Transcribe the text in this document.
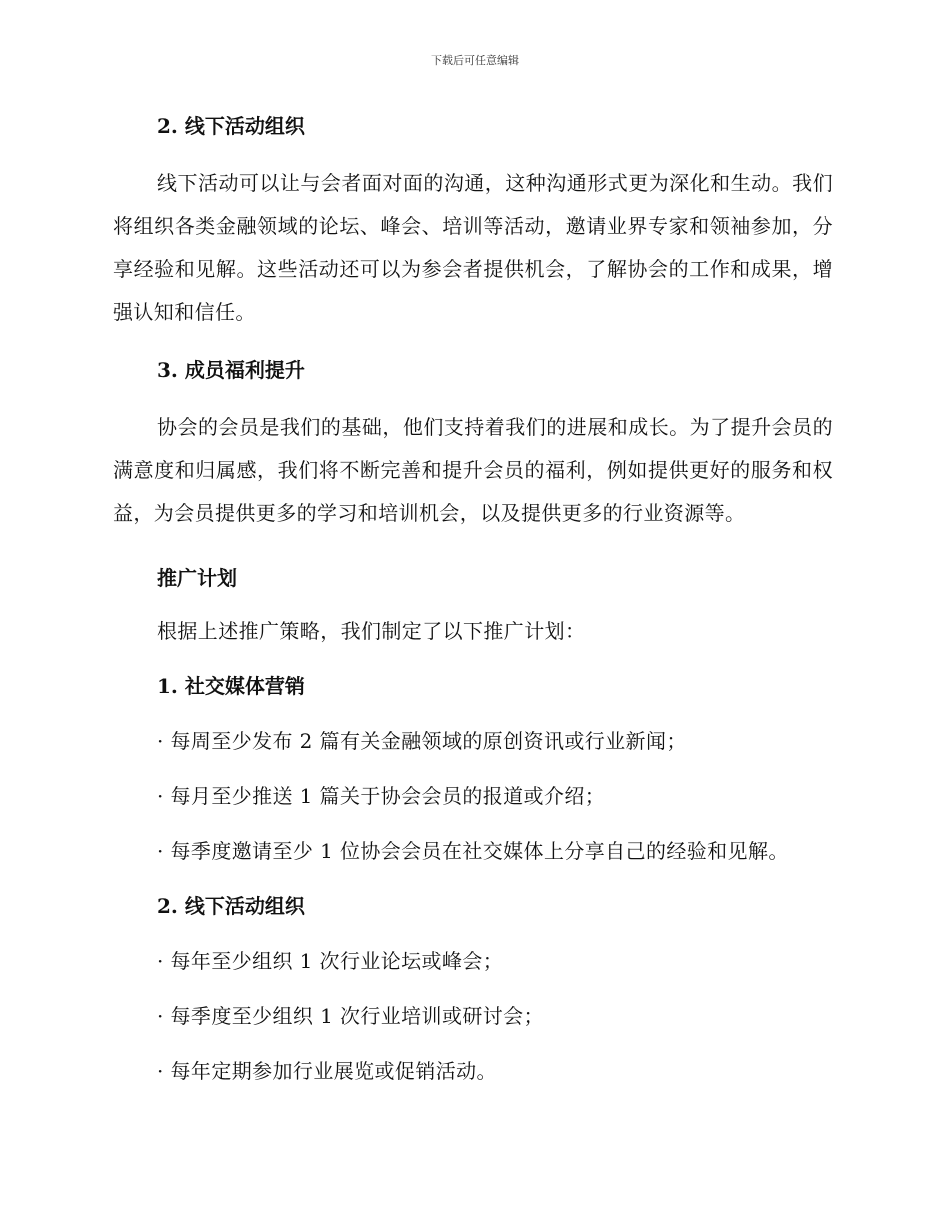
下载后可任意编辑

2. 线下活动组织

线下活动可以让与会者面对面的沟通，这种沟通形式更为深化和生动。我们将组织各类金融领域的论坛、峰会、培训等活动，邀请业界专家和领袖参加，分享经验和见解。这些活动还可以为参会者提供机会，了解协会的工作和成果，增强认知和信任。

3. 成员福利提升

协会的会员是我们的基础，他们支持着我们的进展和成长。为了提升会员的满意度和归属感，我们将不断完善和提升会员的福利，例如提供更好的服务和权益，为会员提供更多的学习和培训机会，以及提供更多的行业资源等。

推广计划

根据上述推广策略，我们制定了以下推广计划：

1. 社交媒体营销

· 每周至少发布 2 篇有关金融领域的原创资讯或行业新闻；

· 每月至少推送 1 篇关于协会会员的报道或介绍；

· 每季度邀请至少 1 位协会会员在社交媒体上分享自己的经验和见解。

2. 线下活动组织

· 每年至少组织 1 次行业论坛或峰会；

· 每季度至少组织 1 次行业培训或研讨会；

· 每年定期参加行业展览或促销活动。
